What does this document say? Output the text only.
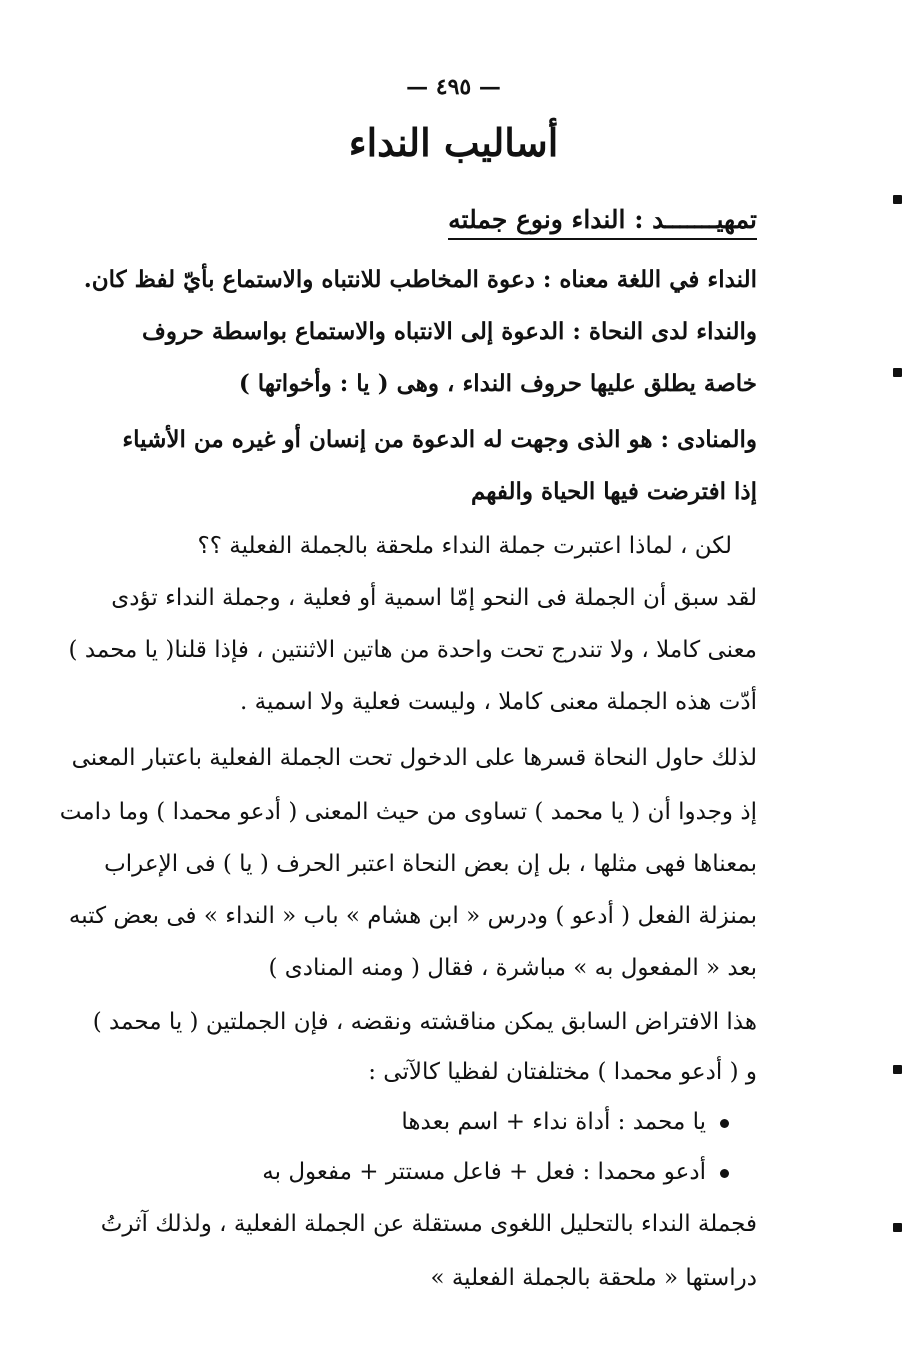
— ٤٩٥ —
أساليب النداء
تمهيـــــــد : النداء ونوع جملته
النداء في اللغة معناه : دعوة المخاطب للانتباه والاستماع بأيّ لفظ كان.
والنداء لدى النحاة : الدعوة إلى الانتباه والاستماع بواسطة حروف
خاصة يطلق عليها حروف النداء ، وهى ( يا : وأخواتها )
والمنادى : هو الذى وجهت له الدعوة من إنسان أو غيره من الأشياء
إذا افترضت فيها الحياة والفهم
لكن ، لماذا اعتبرت جملة النداء ملحقة بالجملة الفعلية ؟؟
لقد سبق أن الجملة فى النحو إمّا اسمية أو فعلية ، وجملة النداء تؤدى
معنى كاملا ، ولا تندرج تحت واحدة من هاتين الاثنتين ، فإذا قلنا( يا محمد )
أدّت هذه الجملة معنى كاملا ، وليست فعلية ولا اسمية .
لذلك حاول النحاة قسرها على الدخول تحت الجملة الفعلية باعتبار المعنى
إذ وجدوا أن ( يا محمد ) تساوى من حيث المعنى ( أدعو محمدا ) وما دامت
بمعناها فهى مثلها ، بل إن بعض النحاة اعتبر الحرف ( يا ) فى الإعراب
بمنزلة الفعل ( أدعو ) ودرس « ابن هشام » باب « النداء » فى بعض كتبه
بعد « المفعول به » مباشرة ، فقال ( ومنه المنادى )
هذا الافتراض السابق يمكن مناقشته ونقضه ، فإن الجملتين ( يا محمد )
و ( أدعو محمدا ) مختلفتان لفظيا كالآتى :
يا محمد : أداة نداء + اسم بعدها
أدعو محمدا : فعل + فاعل مستتر + مفعول به
فجملة النداء بالتحليل اللغوى مستقلة عن الجملة الفعلية ، ولذلك آثرتُ
دراستها « ملحقة بالجملة الفعلية »
